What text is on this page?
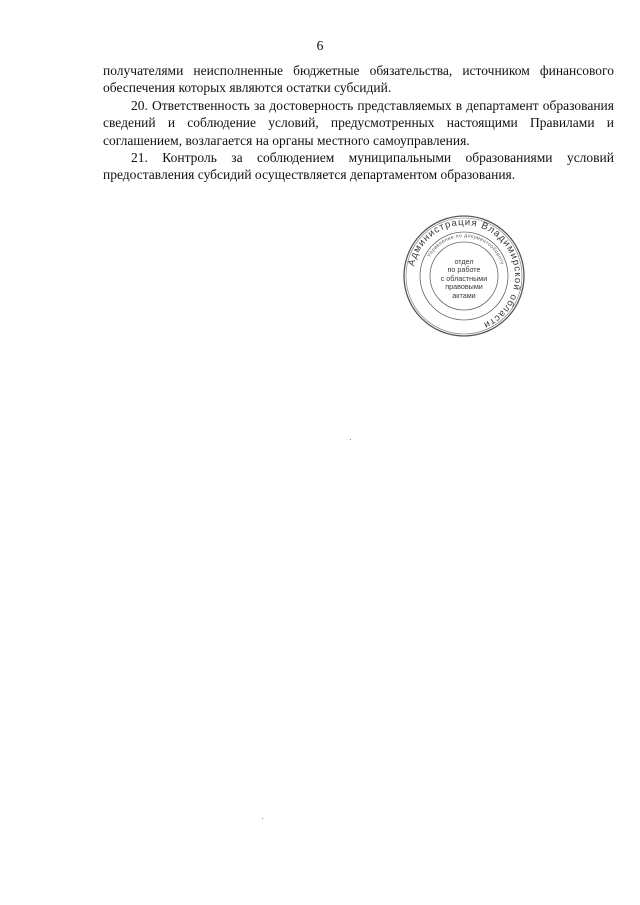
6

получателями неисполненные бюджетные обязательства, источником финансового обеспечения которых являются остатки субсидий.

20. Ответственность за достоверность представляемых в департамент образования сведений и соблюдение условий, предусмотренных настоящими Правилами и соглашением, возлагается на органы местного самоуправления.

21. Контроль за соблюдением муниципальными образованиями условий предоставления субсидий осуществляется департаментом образования.

Администрация Владимирской области
Управление по документообороту
отдел
по работе
с областными
правовыми
актами
